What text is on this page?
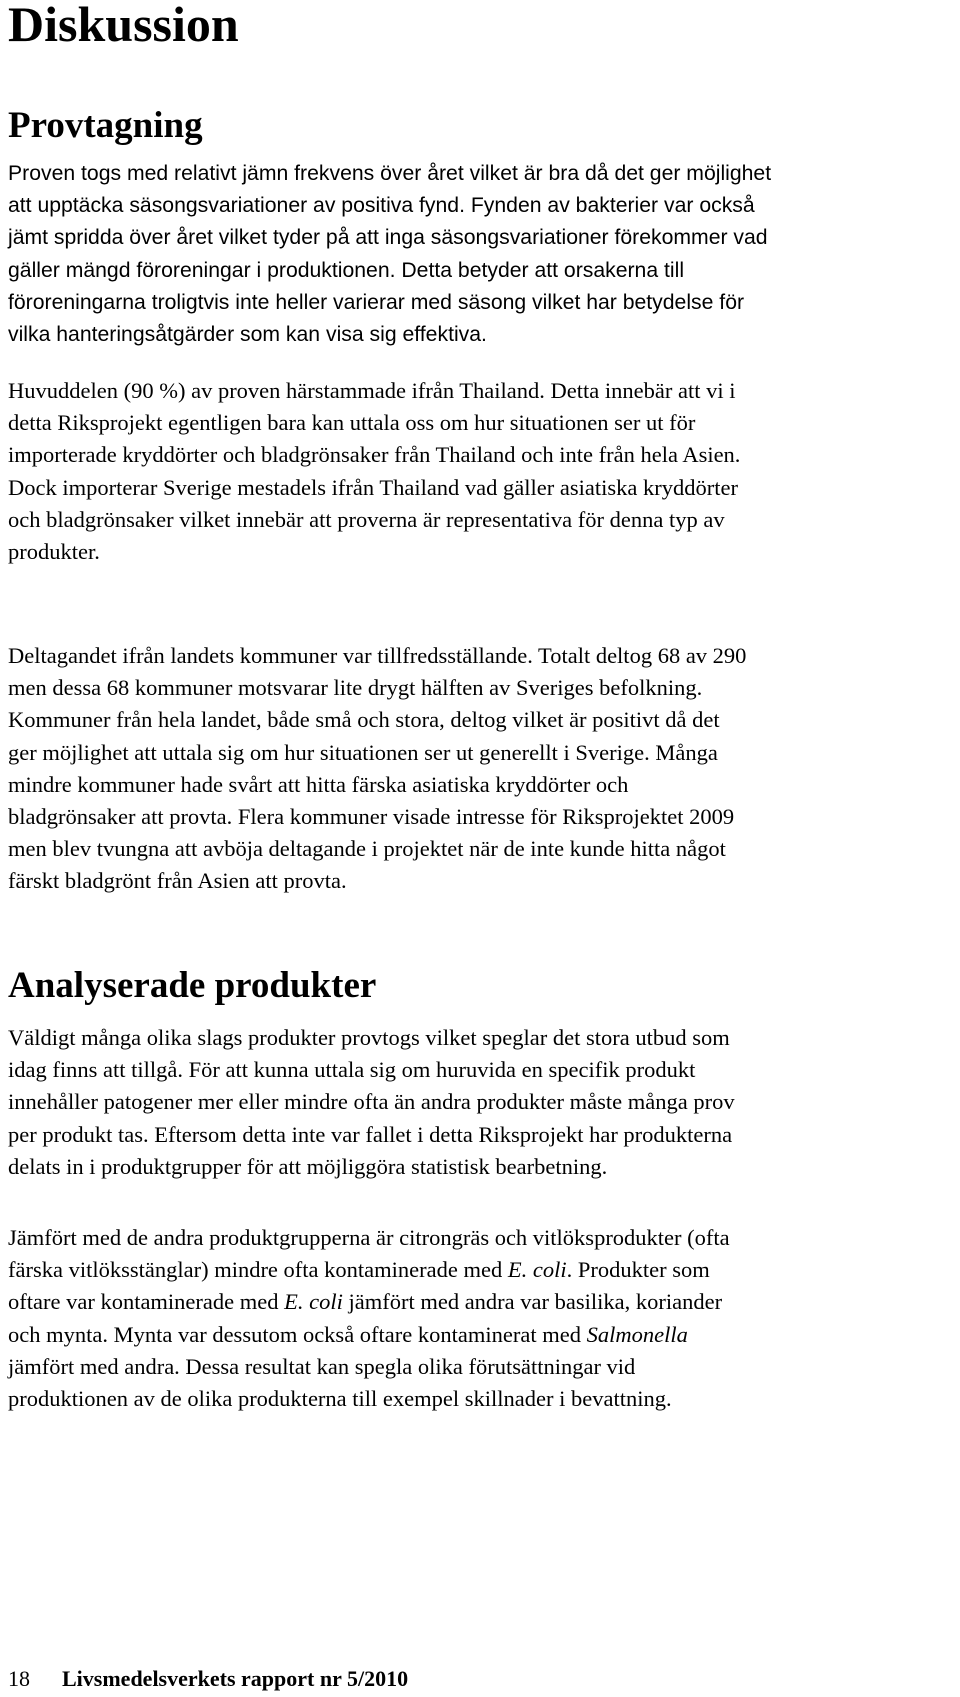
Diskussion
Provtagning

Proven togs med relativt jämn frekvens över året vilket är bra då det ger möjlighet
att upptäcka säsongsvariationer av positiva fynd. Fynden av bakterier var också
jämt spridda över året vilket tyder på att inga säsongsvariationer förekommer vad
gäller mängd föroreningar i produktionen. Detta betyder att orsakerna till
föroreningarna troligtvis inte heller varierar med säsong vilket har betydelse för
vilka hanteringsåtgärder som kan visa sig effektiva.

Huvuddelen (90 %) av proven härstammade ifrån Thailand. Detta innebär att vi i
detta Riksprojekt egentligen bara kan uttala oss om hur situationen ser ut för
importerade kryddörter och bladgrönsaker från Thailand och inte från hela Asien.
Dock importerar Sverige mestadels ifrån Thailand vad gäller asiatiska kryddörter
och bladgrönsaker vilket innebär att proverna är representativa för denna typ av
produkter.

Deltagandet ifrån landets kommuner var tillfredsställande. Totalt deltog 68 av 290
men dessa 68 kommuner motsvarar lite drygt hälften av Sveriges befolkning.
Kommuner från hela landet, både små och stora, deltog vilket är positivt då det
ger möjlighet att uttala sig om hur situationen ser ut generellt i Sverige. Många
mindre kommuner hade svårt att hitta färska asiatiska kryddörter och
bladgrönsaker att provta. Flera kommuner visade intresse för Riksprojektet 2009
men blev tvungna att avböja deltagande i projektet när de inte kunde hitta något
färskt bladgrönt från Asien att provta.

Analyserade produkter

Väldigt många olika slags produkter provtogs vilket speglar det stora utbud som
idag finns att tillgå. För att kunna uttala sig om huruvida en specifik produkt
innehåller patogener mer eller mindre ofta än andra produkter måste många prov
per produkt tas. Eftersom detta inte var fallet i detta Riksprojekt har produkterna
delats in i produktgrupper för att möjliggöra statistisk bearbetning.

Jämfört med de andra produktgrupperna är citrongräs och vitlöksprodukter (ofta
färska vitlöksstänglar) mindre ofta kontaminerade med E. coli. Produkter som
oftare var kontaminerade med E. coli jämfört med andra var basilika, koriander
och mynta. Mynta var dessutom också oftare kontaminerat med Salmonella
jämfört med andra. Dessa resultat kan spegla olika förutsättningar vid
produktionen av de olika produkterna till exempel skillnader i bevattning.

18 Livsmedelsverkets rapport nr 5/2010
